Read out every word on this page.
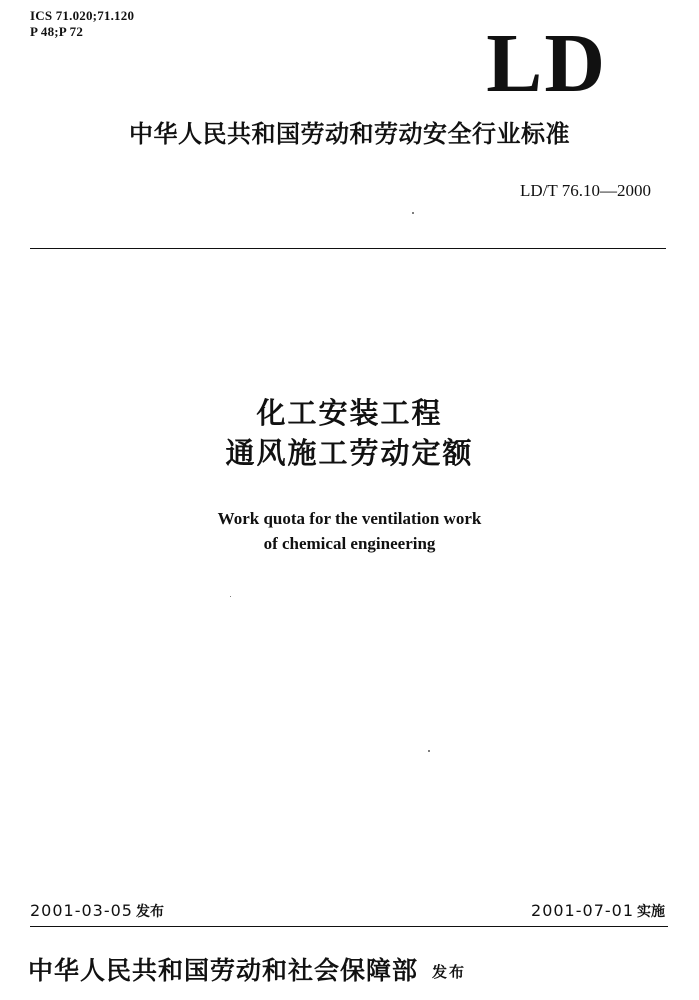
ICS 71.020;71.120
P 48;P 72	LD
中华人民共和国劳动和劳动安全行业标准
LD/T 76.10—2000
化工安装工程
通风施工劳动定额
Work quota for the ventilation work
of chemical engineering
2001-03-05 发布	2001-07-01 实施
中华人民共和国劳动和社会保障部 发布
